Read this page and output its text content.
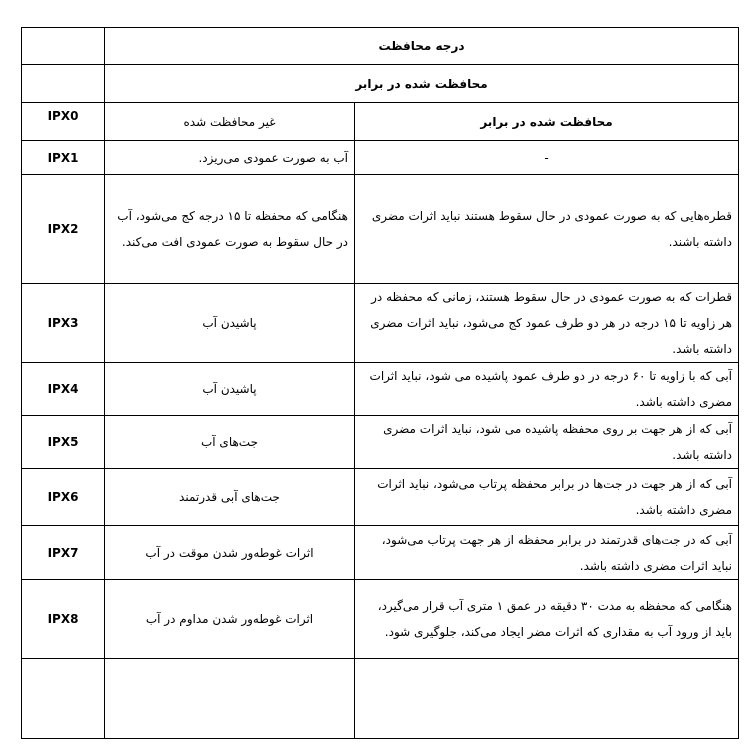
	درجه محافظت	
	محافظت شده در برابر	
IPX0	غیر محافظت شده	محافظت شده در برابر
IPX1	آب به صورت عمودی می‌ریزد.	-
IPX2	هنگامی که محفظه تا ۱۵ درجه کج می‌شود، آب در حال سقوط به صورت عمودی افت می‌کند.	قطره‌هایی که به صورت عمودی در حال سقوط هستند نباید اثرات مضری داشته باشند.
IPX3	پاشیدن آب	قطرات که به صورت عمودی در حال سقوط هستند، زمانی که محفظه در هر زاویه تا ۱۵ درجه در هر دو طرف عمود کج می‌شود، نباید اثرات مضری داشته باشد.
IPX4	پاشیدن آب	آبی که با زاویه تا ۶۰ درجه در دو طرف عمود پاشیده می شود، نباید اثرات مضری داشته باشد.
IPX5	جت‌های آب	آبی که از هر جهت بر روی محفظه پاشیده می شود، نباید اثرات مضری داشته باشد.
IPX6	جت‌های آبی قدرتمند	آبی که از هر جهت در جت‌ها در برابر محفظه پرتاب می‌شود، نباید اثرات مضری داشته باشد.
IPX7	اثرات غوطه‌ور شدن موقت در آب	آبی که در جت‌های قدرتمند در برابر محفظه از هر جهت پرتاب می‌شود، نباید اثرات مضری داشته باشد.
IPX8	اثرات غوطه‌ور شدن مداوم در آب	هنگامی که محفظه به مدت ۳۰ دقیقه در عمق ۱ متری آب قرار می‌گیرد، باید از ورود آب به مقداری که اثرات مضر ایجاد می‌کند، جلوگیری شود.
